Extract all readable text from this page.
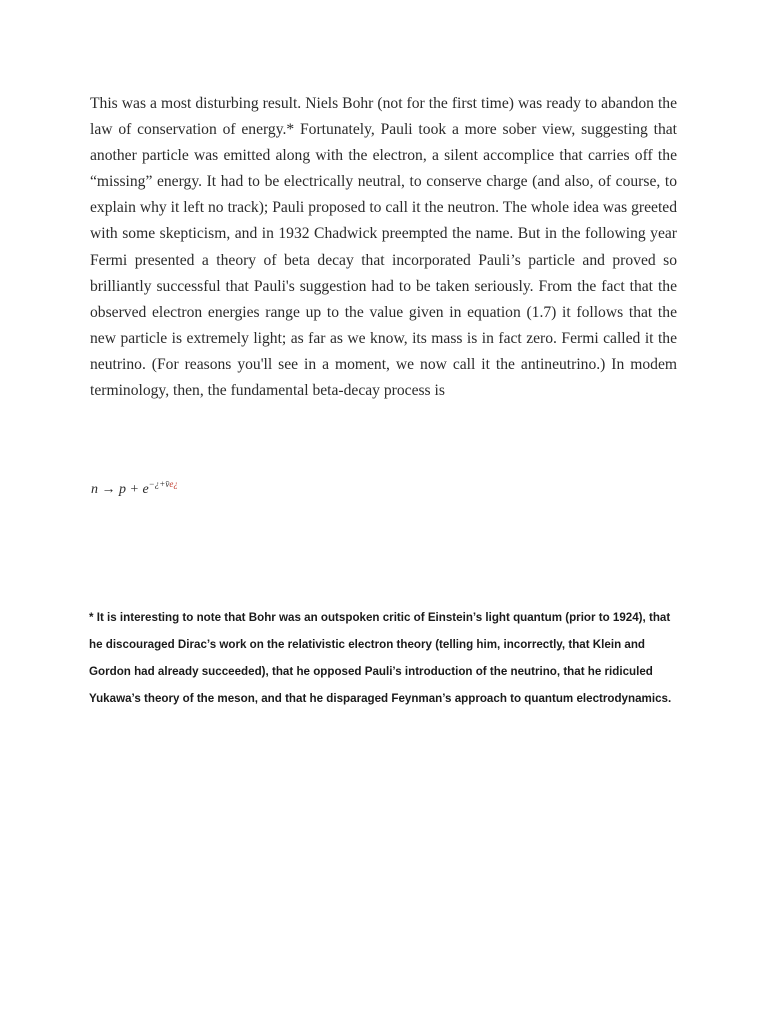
This was a most disturbing result. Niels Bohr (not for the first time) was ready to abandon the law of conservation of energy.* Fortunately, Pauli took a more sober view, suggesting that another particle was emitted along with the electron, a silent accomplice that carries off the “missing” energy. It had to be electrically neutral, to conserve charge (and also, of course, to explain why it left no track); Pauli proposed to call it the neutron. The whole idea was greeted with some skepticism, and in 1932 Chadwick preempted the name. But in the following year Fermi presented a theory of beta decay that incorporated Pauli’s particle and proved so brilliantly successful that Pauli's suggestion had to be taken seriously. From the fact that the observed electron energies range up to the value given in equation (1.7) it follows that the new particle is extremely light; as far as we know, its mass is in fact zero. Fermi called it the neutrino. (For reasons you'll see in a moment, we now call it the antineutrino.) In modem terminology, then, the fundamental beta-decay process is

$n \to p + e^{-¿+v̄e¿}$

* It is interesting to note that Bohr was an outspoken critic of Einstein’s light quantum (prior to 1924), that he discouraged Dirac’s work on the relativistic electron theory (telling him, incorrectly, that Klein and Gordon had already succeeded), that he opposed Pauli’s introduction of the neutrino, that he ridiculed Yukawa’s theory of the meson, and that he disparaged Feynman’s approach to quantum electrodynamics.
